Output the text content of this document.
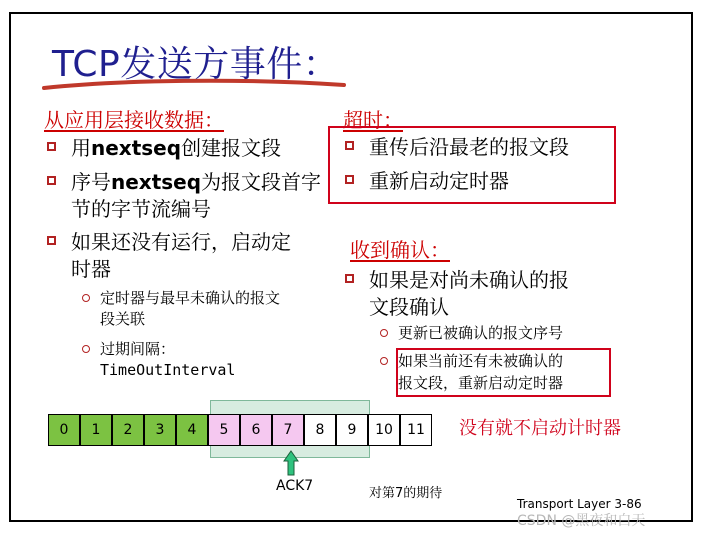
TCP发送方事件：
从应用层接收数据：
用nextseq创建报文段
序号nextseq为报文段首字
节的字节流编号
如果还没有运行，启动定
时器
定时器与最早未确认的报文
段关联
过期间隔：
TimeOutInterval
超时：
重传后沿最老的报文段
重新启动定时器
收到确认：
如果是对尚未确认的报
文段确认
更新已被确认的报文序号
如果当前还有未被确认的
报文段，重新启动定时器
0	1	2	3	4	5	6	7	8	9	10	11
ACK7	对第7的期待
没有就不启动计时器
Transport Layer 3-86
CSDN @黑夜和白天
